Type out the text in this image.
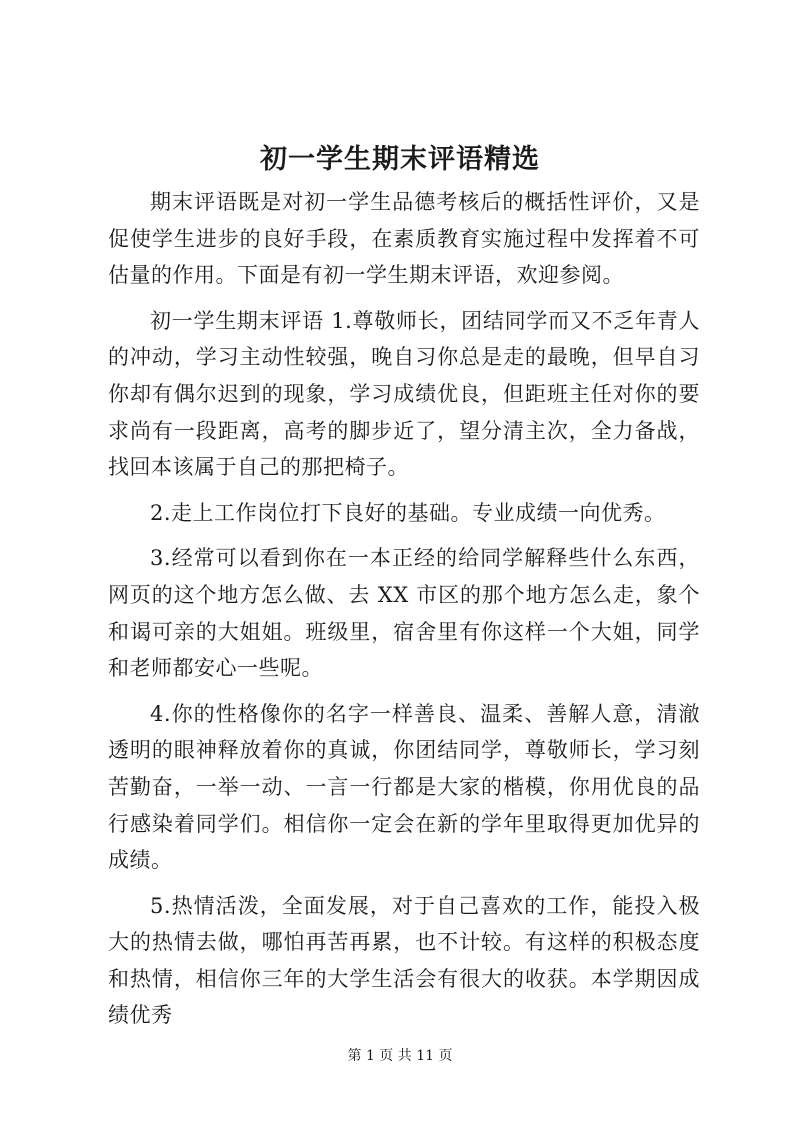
初一学生期末评语精选

期末评语既是对初一学生品德考核后的概括性评价，又是促使学生进步的良好手段，在素质教育实施过程中发挥着不可估量的作用。下面是有初一学生期末评语，欢迎参阅。

初一学生期末评语 1.尊敬师长，团结同学而又不乏年青人的冲动，学习主动性较强，晚自习你总是走的最晚，但早自习你却有偶尔迟到的现象，学习成绩优良，但距班主任对你的要求尚有一段距离，高考的脚步近了，望分清主次，全力备战，找回本该属于自己的那把椅子。

2.走上工作岗位打下良好的基础。专业成绩一向优秀。

3.经常可以看到你在一本正经的给同学解释些什么东西，网页的这个地方怎么做、去 XX 市区的那个地方怎么走，象个和谒可亲的大姐姐。班级里，宿舍里有你这样一个大姐，同学和老师都安心一些呢。

4.你的性格像你的名字一样善良、温柔、善解人意，清澈透明的眼神释放着你的真诚，你团结同学，尊敬师长，学习刻苦勤奋，一举一动、一言一行都是大家的楷模，你用优良的品行感染着同学们。相信你一定会在新的学年里取得更加优异的成绩。

5.热情活泼，全面发展，对于自己喜欢的工作，能投入极大的热情去做，哪怕再苦再累，也不计较。有这样的积极态度和热情，相信你三年的大学生活会有很大的收获。本学期因成绩优秀

第 1 页 共 11 页
